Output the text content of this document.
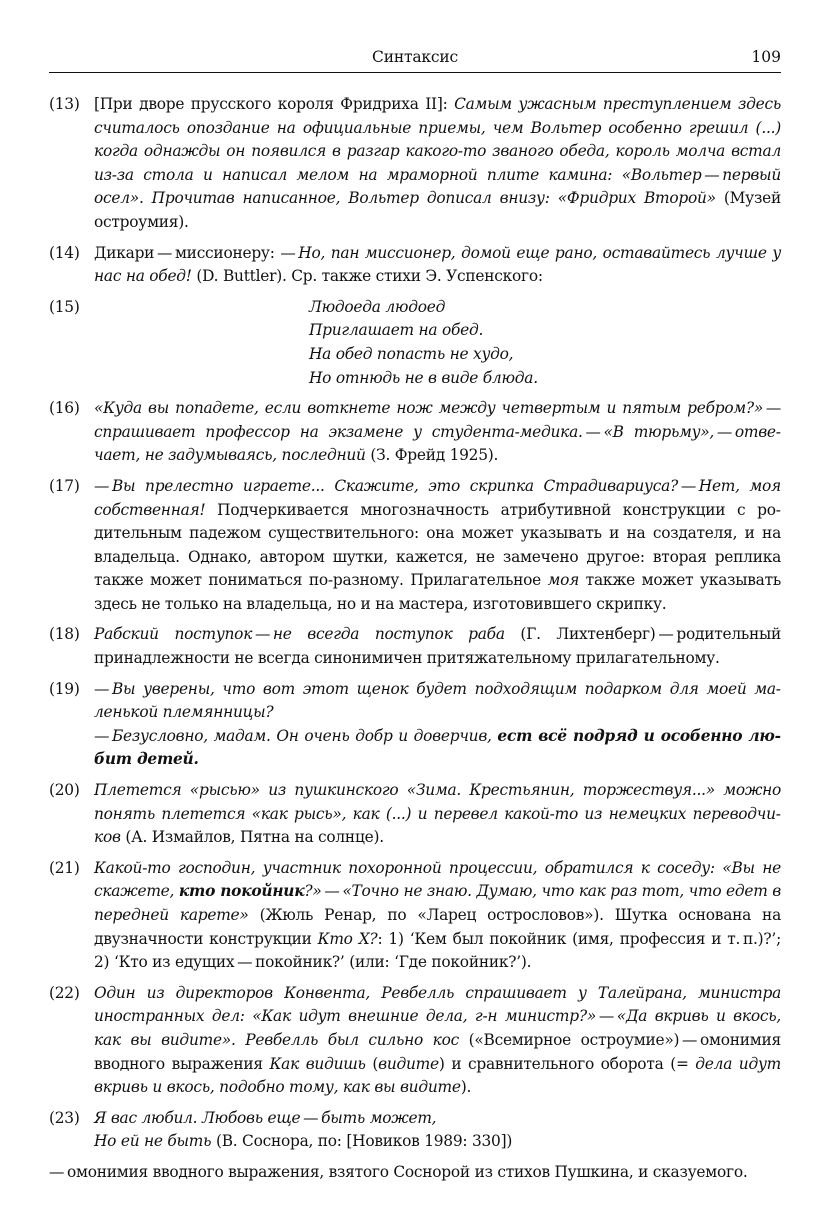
Синтаксис	109
(13) [При дворе прусского короля Фридриха II]: Самым ужасным преступлением здесь считалось опоздание на официальные приемы, чем Вольтер особенно грешил (...) когда однажды он появился в разгар какого-то званого обеда, король молча встал из-за стола и написал мелом на мраморной плите камина: «Вольтер — первый осел». Прочитав написанное, Вольтер дописал внизу: «Фридрих Второй» (Музей остроумия).

(14) Дикари — миссионеру: — Но, пан миссионер, домой еще рано, оставайтесь лучше у нас на обед! (D. Buttler). Ср. также стихи Э. Успенского:

(15)	Людоеда людоед
Приглашает на обед.
На обед попасть не худо,
Но отнюдь не в виде блюда.
(16) «Куда вы попадете, если воткнете нож между четвертым и пятым ребром?» — спрашивает профессор на экзамене у студента-медика. — «В тюрьму», — отвечает, не задумываясь, последний (З. Фрейд 1925).

(17) — Вы прелестно играете... Скажите, это скрипка Страдивариуса? — Нет, моя собственная! Подчеркивается многозначность атрибутивной конструкции с родительным падежом существительного: она может указывать и на создателя, и на владельца. Однако, автором шутки, кажется, не замечено другое: вторая реплика также может пониматься по-разному. Прилагательное моя также может указывать здесь не только на владельца, но и на мастера, изготовившего скрипку.

(18) Рабский поступок — не всегда поступок раба (Г. Лихтенберг) — родительный принадлежности не всегда синонимичен притяжательному прилагательному.

(19) — Вы уверены, что вот этот щенок будет подходящим подарком для моей маленькой племянницы?

— Безусловно, мадам. Он очень добр и доверчив, ест всё подряд и особенно любит детей.

(20) Плетется «рысью» из пушкинского «Зима. Крестьянин, торжествуя...» можно понять плетется «как рысь», как (...) и перевел какой-то из немецких переводчиков (А. Измайлов, Пятна на солнце).

(21) Какой-то господин, участник похоронной процессии, обратился к соседу: «Вы не скажете, кто покойник?» — «Точно не знаю. Думаю, что как раз тот, что едет в передней карете» (Жюль Ренар, по «Ларец острословов»). Шутка основана на двузначности конструкции Кто X?: 1) ‘Кем был покойник (имя, профессия и т. п.)?’; 2) ‘Кто из едущих — покойник?’ (или: ‘Где покойник?’).

(22) Один из директоров Конвента, Ревбелль спрашивает у Талейрана, министра иностранных дел: «Как идут внешние дела, г-н министр?» — «Да вкривь и вкось, как вы видите». Ревбелль был сильно кос («Всемирное остроумие») — омонимия вводного выражения Как видишь (видите) и сравнительного оборота (= дела идут вкривь и вкось, подобно тому, как вы видите).

(23) Я вас любил. Любовь еще — быть может,
Но ей не быть (В. Соснора, по: [Новиков 1989: 330])

— омонимия вводного выражения, взятого Соснорой из стихов Пушкина, и сказуемого.
